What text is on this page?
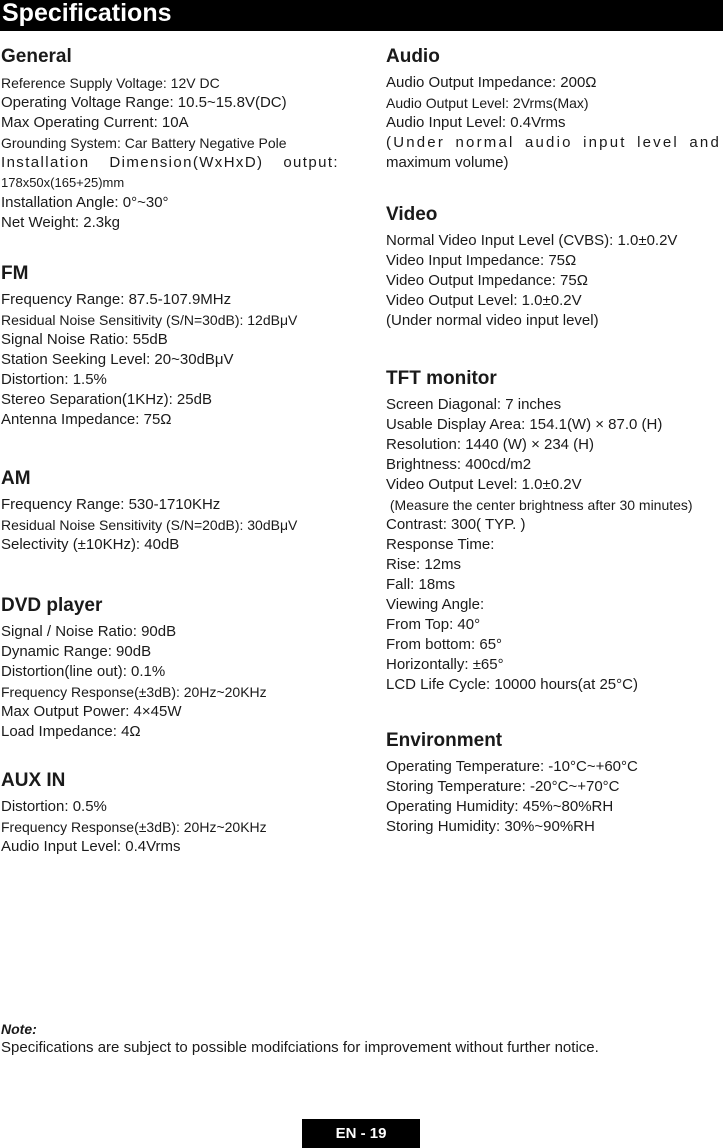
Specifications
General
Reference Supply Voltage: 12V DC
Operating Voltage Range: 10.5~15.8V(DC)
Max Operating Current: 10A
Grounding System: Car Battery Negative Pole
Installation Dimension(WxHxD) output:
178x50x(165+25)mm
Installation Angle: 0°~30°
Net Weight: 2.3kg
FM
Frequency Range: 87.5-107.9MHz
Residual Noise Sensitivity (S/N=30dB): 12dBμV
Signal Noise Ratio: 55dB
Station Seeking Level: 20~30dBμV
Distortion: 1.5%
Stereo Separation(1KHz): 25dB
Antenna Impedance: 75Ω
AM
Frequency Range: 530-1710KHz
Residual Noise Sensitivity (S/N=20dB): 30dBμV
Selectivity (±10KHz): 40dB
DVD player
Signal / Noise Ratio: 90dB
Dynamic Range: 90dB
Distortion(line out): 0.1%
Frequency Response(±3dB): 20Hz~20KHz
Max Output Power: 4×45W
Load Impedance: 4Ω
AUX IN
Distortion: 0.5%
Frequency Response(±3dB): 20Hz~20KHz
Audio Input Level: 0.4Vrms
Audio
Audio Output Impedance: 200Ω
Audio Output Level: 2Vrms(Max)
Audio Input Level: 0.4Vrms
(Under normal audio input level and
maximum volume)
Video
Normal Video Input Level (CVBS): 1.0±0.2V
Video Input Impedance: 75Ω
Video Output Impedance: 75Ω
Video Output Level: 1.0±0.2V
(Under normal video input level)
TFT monitor
Screen Diagonal: 7 inches
Usable Display Area: 154.1(W) × 87.0 (H)
Resolution: 1440 (W) × 234 (H)
Brightness: 400cd/m2
Video Output Level: 1.0±0.2V
(Measure the center brightness after 30 minutes)
Contrast: 300( TYP. )
Response Time:
Rise: 12ms
Fall: 18ms
Viewing Angle:
From Top: 40°
From bottom: 65°
Horizontally: ±65°
LCD Life Cycle: 10000 hours(at 25°C)
Environment
Operating Temperature: -10°C~+60°C
Storing Temperature: -20°C~+70°C
Operating Humidity: 45%~80%RH
Storing Humidity: 30%~90%RH
Note:
Specifications are subject to possible modifciations for improvement without further notice.
EN - 19
